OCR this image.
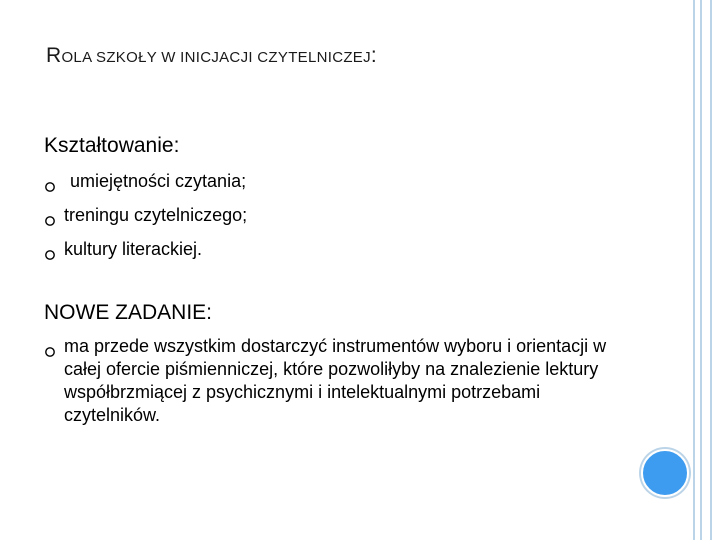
ROLA SZKOŁY W INICJACJI CZYTELNICZEJ:
Kształtowanie:
umiejętności czytania;
treningu czytelniczego;
kultury literackiej.
NOWE ZADANIE:
ma przede wszystkim dostarczyć instrumentów wyboru i orientacji w całej ofercie piśmienniczej, które pozwoliłyby na znalezienie lektury współbrzmiącej z psychicznymi i intelektualnymi potrzebami czytelników.
